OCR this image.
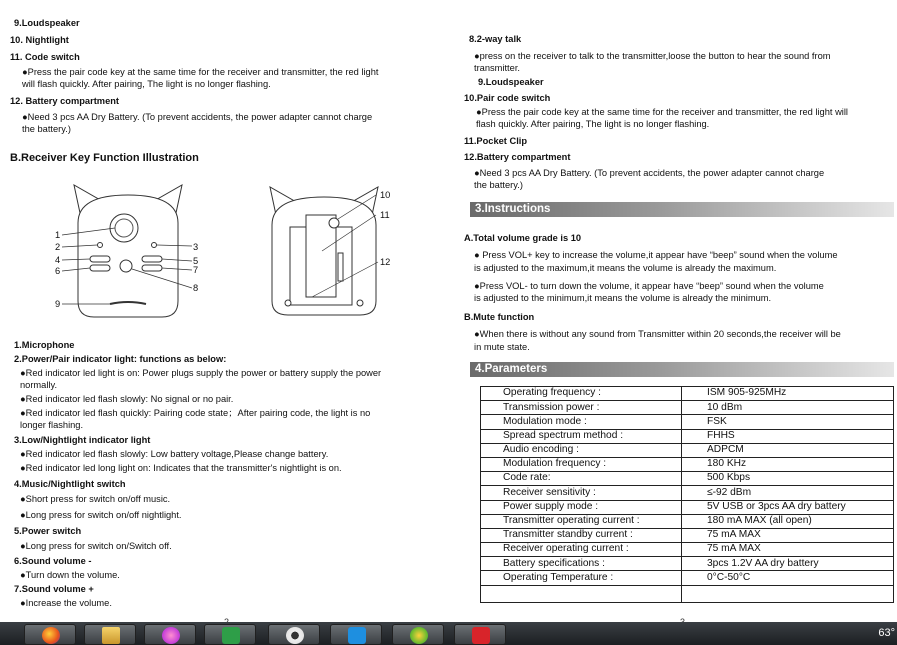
9.Loudspeaker
10. Nightlight
11. Code switch
●Press the pair code key at the same time for the receiver and transmitter, the red light
will flash quickly. After pairing, The light is no longer flashing.
12. Battery compartment
●Need 3 pcs AA Dry Battery. (To prevent accidents, the power adapter cannot charge
the battery.)
B.Receiver Key Function Illustration
1
2
4
6
9
3
5
7
8
10
11
12
1.Microphone
2.Power/Pair indicator light: functions as below:
●Red indicator led light is on: Power plugs supply the power or battery supply the power
normally.
●Red indicator led flash slowly: No signal or no pair.
●Red indicator led flash quickly: Pairing code state；After pairing code, the light is no
longer flashing.
3.Low/Nightlight indicator light
●Red indicator led flash slowly: Low battery voltage,Please change battery.
●Red indicator led long light on: Indicates that the transmitter's nightlight is on.
4.Music/Nightlight switch
●Short press for switch on/off music.
●Long press for switch on/off nightlight.
5.Power switch
●Long press for switch on/Switch off.
6.Sound volume -
●Turn down the volume.
7.Sound volume +
●Increase the volume.
8.2-way talk
●press on the receiver to talk to the transmitter,loose the button to hear the sound from
transmitter.
9.Loudspeaker
10.Pair code switch
●Press the pair code key at the same time for the receiver and transmitter, the red light will
flash quickly. After pairing, The light is no longer flashing.
11.Pocket Clip
12.Battery compartment
●Need 3 pcs AA Dry Battery. (To prevent accidents, the power adapter cannot charge
the battery.)
3.Instructions
A.Total volume grade is 10
● Press VOL+ key to increase the volume,it appear have “beep” sound when the volume
is adjusted to the maximum,it means the volume is already the maximum.
●Press VOL- to turn down the volume, it appear have “beep” sound when the volume
is adjusted to the minimum,it means the volume is already the minimum.
B.Mute function
●When there is without any sound from Transmitter within 20 seconds,the receiver will be
in mute state.
4.Parameters
Operating frequency :	ISM 905-925MHz
Transmission power :	10 dBm
Modulation mode :	FSK
Spread spectrum method :	FHHS
Audio encoding :	ADPCM
Modulation frequency :	180 KHz
Code rate:	500 Kbps
Receiver sensitivity :	≤-92 dBm
Power supply mode :	5V USB or 3pcs AA dry battery
Transmitter operating current :	180 mA MAX (all open)
Transmitter standby current :	75 mA MAX
Receiver operating current :	75 mA MAX
Battery specifications :	3pcs 1.2V AA dry battery
Operating Temperature :	0°C-50°C

63°
